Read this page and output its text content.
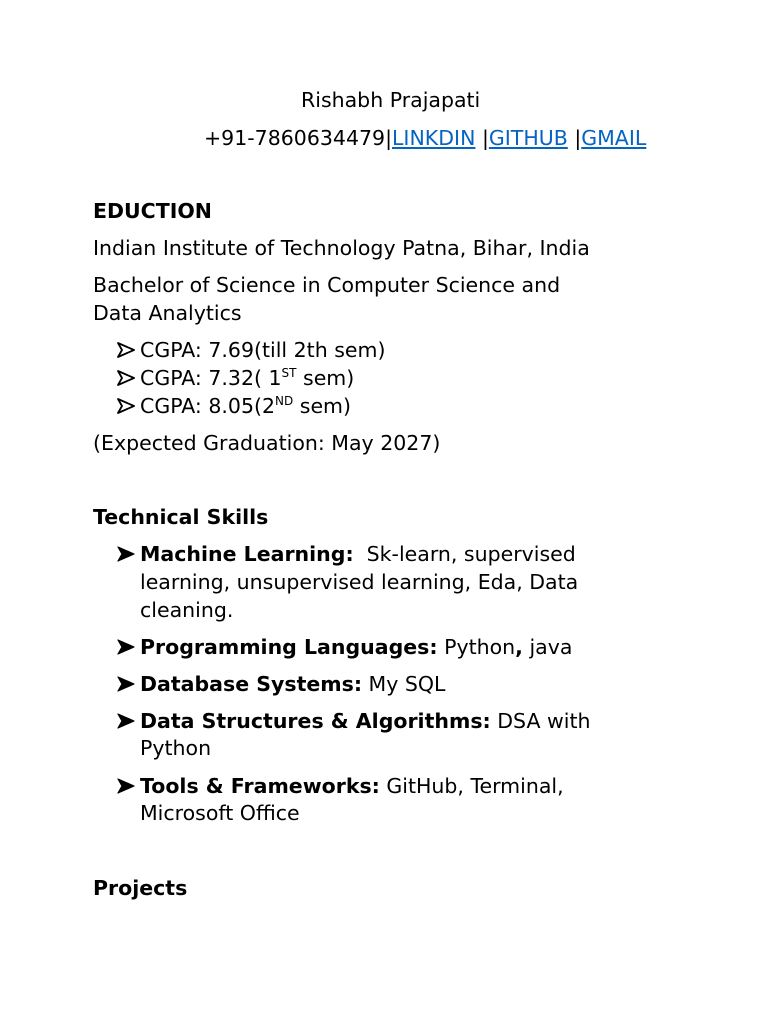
Rishabh Prajapati
+91-7860634479|LINKDIN |GITHUB |GMAIL
EDUCTION
Indian Institute of Technology Patna, Bihar, India
Bachelor of Science in Computer Science and
Data Analytics
CGPA: 7.69(till 2th sem)
CGPA: 7.32( 1ST sem)
CGPA: 8.05(2ND sem)
(Expected Graduation: May 2027)
Technical Skills
Machine Learning:  Sk-learn, supervised
learning, unsupervised learning, Eda, Data
cleaning.
Programming Languages: Python, java
Database Systems: My SQL
Data Structures & Algorithms: DSA with
Python
Tools & Frameworks: GitHub, Terminal,
Microsoft Office
Projects
